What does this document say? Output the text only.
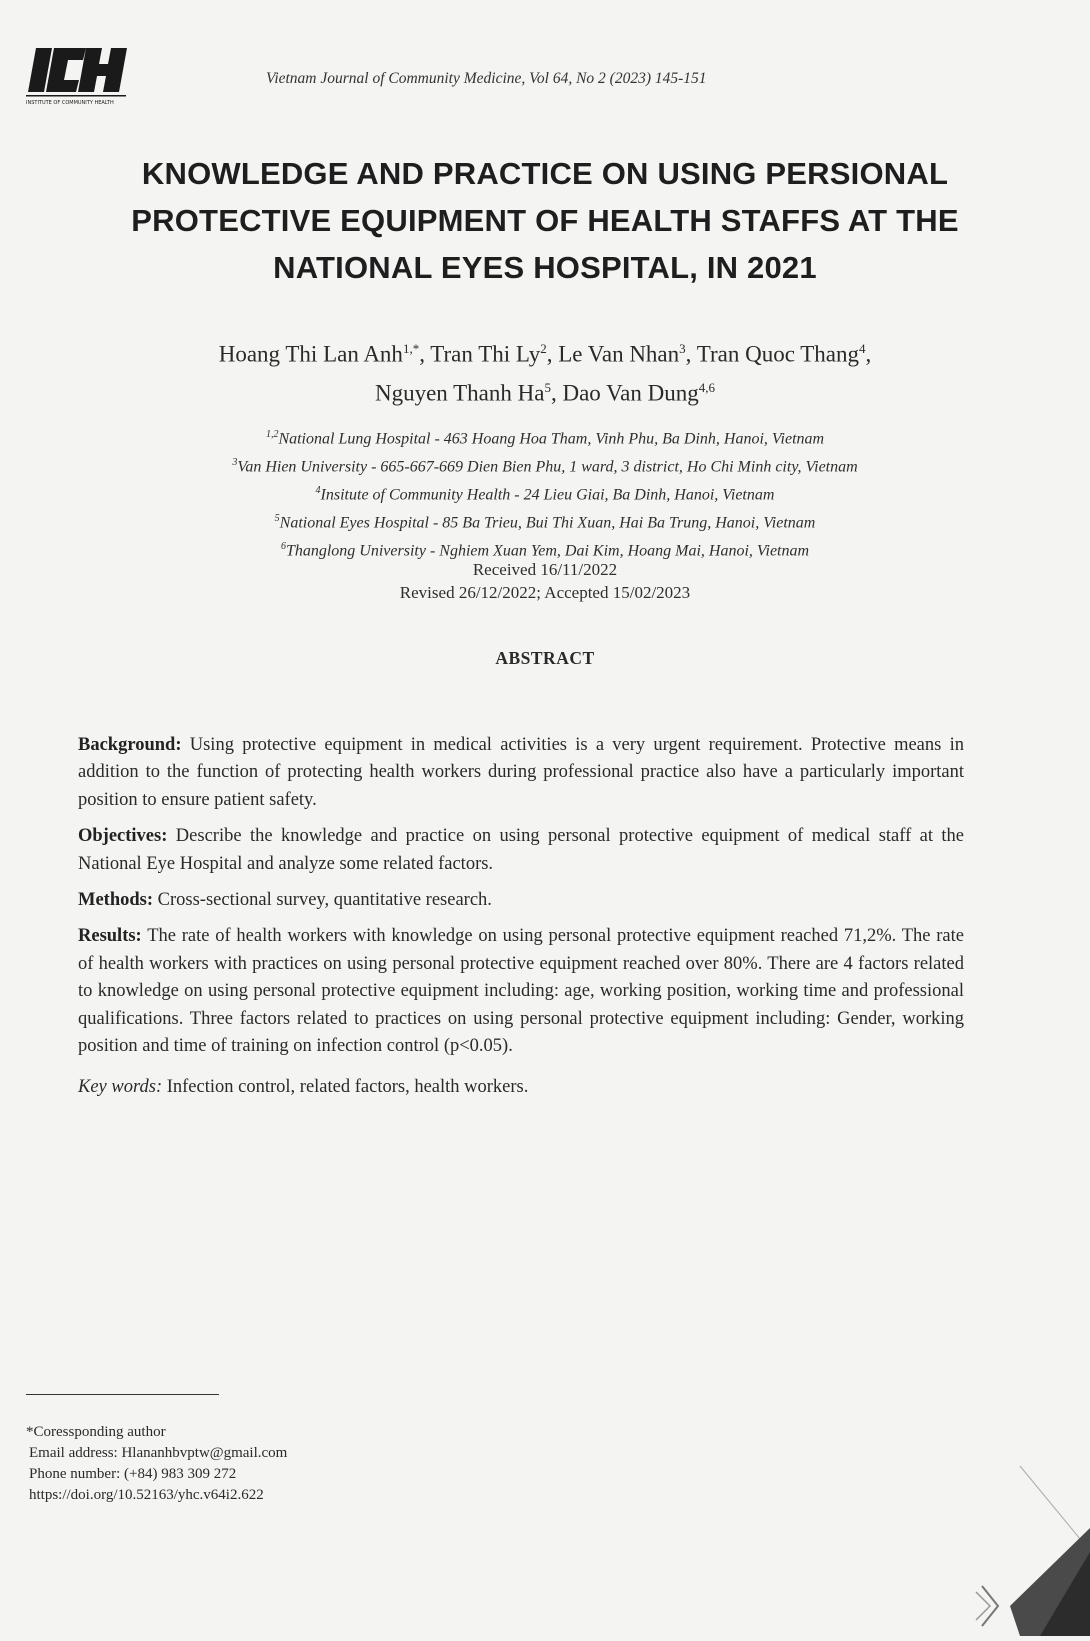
INSTITUTE OF COMMUNITY HEALTH
Vietnam Journal of Community Medicine, Vol 64, No 2 (2023) 145-151
KNOWLEDGE AND PRACTICE ON USING PERSIONAL
PROTECTIVE EQUIPMENT OF HEALTH STAFFS AT THE
NATIONAL EYES HOSPITAL, IN 2021
Hoang Thi Lan Anh$^{1,*}$, Tran Thi Ly$^2$, Le Van Nhan$^3$, Tran Quoc Thang$^4$,
Nguyen Thanh Ha$^5$, Dao Van Dung$^{4,6}$
$^{1,2}$National Lung Hospital - 463 Hoang Hoa Tham, Vinh Phu, Ba Dinh, Hanoi, Vietnam
$^3$Van Hien University - 665-667-669 Dien Bien Phu, 1 ward, 3 district, Ho Chi Minh city, Vietnam
$^4$Insitute of Community Health - 24 Lieu Giai, Ba Dinh, Hanoi, Vietnam
$^5$National Eyes Hospital - 85 Ba Trieu, Bui Thi Xuan, Hai Ba Trung, Hanoi, Vietnam
$^6$Thanglong University - Nghiem Xuan Yem, Dai Kim, Hoang Mai, Hanoi, Vietnam
Received 16/11/2022
Revised 26/12/2022; Accepted 15/02/2023
ABSTRACT

Background: Using protective equipment in medical activities is a very urgent requirement. Protective means in addition to the function of protecting health workers during professional practice also have a particularly important position to ensure patient safety.

Objectives: Describe the knowledge and practice on using personal protective equipment of medical staff at the National Eye Hospital and analyze some related factors.

Methods: Cross-sectional survey, quantitative research.

Results: The rate of health workers with knowledge on using personal protective equipment reached 71,2%. The rate of health workers with practices on using personal protective equipment reached over 80%. There are 4 factors related to knowledge on using personal protective equipment including: age, working position, working time and professional qualifications. Three factors related to practices on using personal protective equipment including: Gender, working position and time of training on infection control (p<0.05).

Key words: Infection control, related factors, health workers.

*Coressponding author
Email address: Hlananhbvptw@gmail.com
Phone number: (+84) 983 309 272
https://doi.org/10.52163/yhc.v64i2.622
